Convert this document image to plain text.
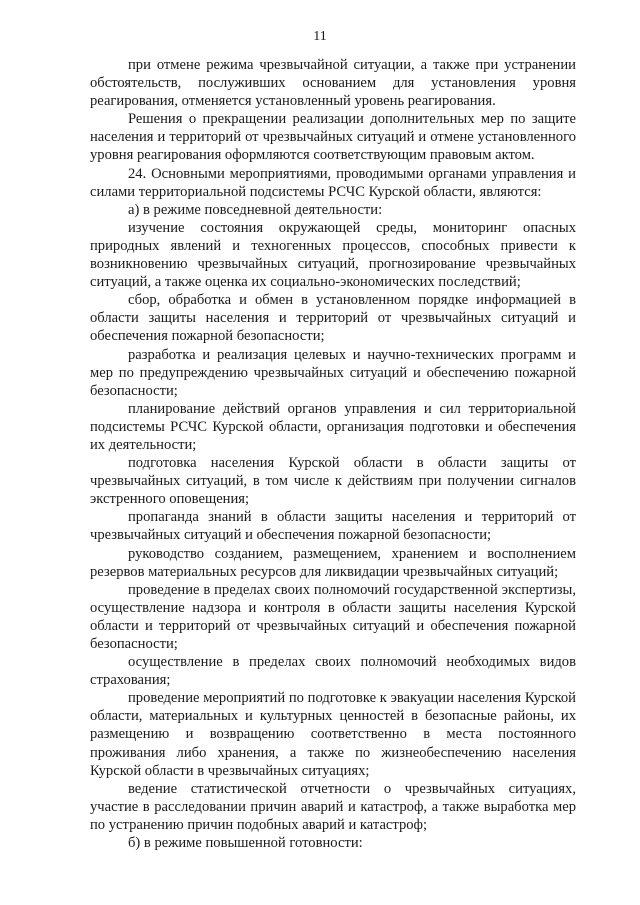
11

при отмене режима чрезвычайной ситуации, а также при устранении обстоятельств, послуживших основанием для установления уровня реагирования, отменяется установленный уровень реагирования.

Решения о прекращении реализации дополнительных мер по защите населения и территорий от чрезвычайных ситуаций и отмене установленного уровня реагирования оформляются соответствующим правовым актом.

24. Основными мероприятиями, проводимыми органами управления и силами территориальной подсистемы РСЧС Курской области, являются:

а) в режиме повседневной деятельности:

изучение состояния окружающей среды, мониторинг опасных природных явлений и техногенных процессов, способных привести к возникновению чрезвычайных ситуаций, прогнозирование чрезвычайных ситуаций, а также оценка их социально-экономических последствий;

сбор, обработка и обмен в установленном порядке информацией в области защиты населения и территорий от чрезвычайных ситуаций и обеспечения пожарной безопасности;

разработка и реализация целевых и научно-технических программ и мер по предупреждению чрезвычайных ситуаций и обеспечению пожарной безопасности;

планирование действий органов управления и сил территориальной подсистемы РСЧС Курской области, организация подготовки и обеспечения их деятельности;

подготовка населения Курской области в области защиты от чрезвычайных ситуаций, в том числе к действиям при получении сигналов экстренного оповещения;

пропаганда знаний в области защиты населения и территорий от чрезвычайных ситуаций и обеспечения пожарной безопасности;

руководство созданием, размещением, хранением и восполнением резервов материальных ресурсов для ликвидации чрезвычайных ситуаций;

проведение в пределах своих полномочий государственной экспертизы, осуществление надзора и контроля в области защиты населения Курской области и территорий от чрезвычайных ситуаций и обеспечения пожарной безопасности;

осуществление в пределах своих полномочий необходимых видов страхования;

проведение мероприятий по подготовке к эвакуации населения Курской области, материальных и культурных ценностей в безопасные районы, их размещению и возвращению соответственно в места постоянного проживания либо хранения, а также по жизнеобеспечению населения Курской области в чрезвычайных ситуациях;

ведение статистической отчетности о чрезвычайных ситуациях, участие в расследовании причин аварий и катастроф, а также выработка мер по устранению причин подобных аварий и катастроф;

б) в режиме повышенной готовности:
